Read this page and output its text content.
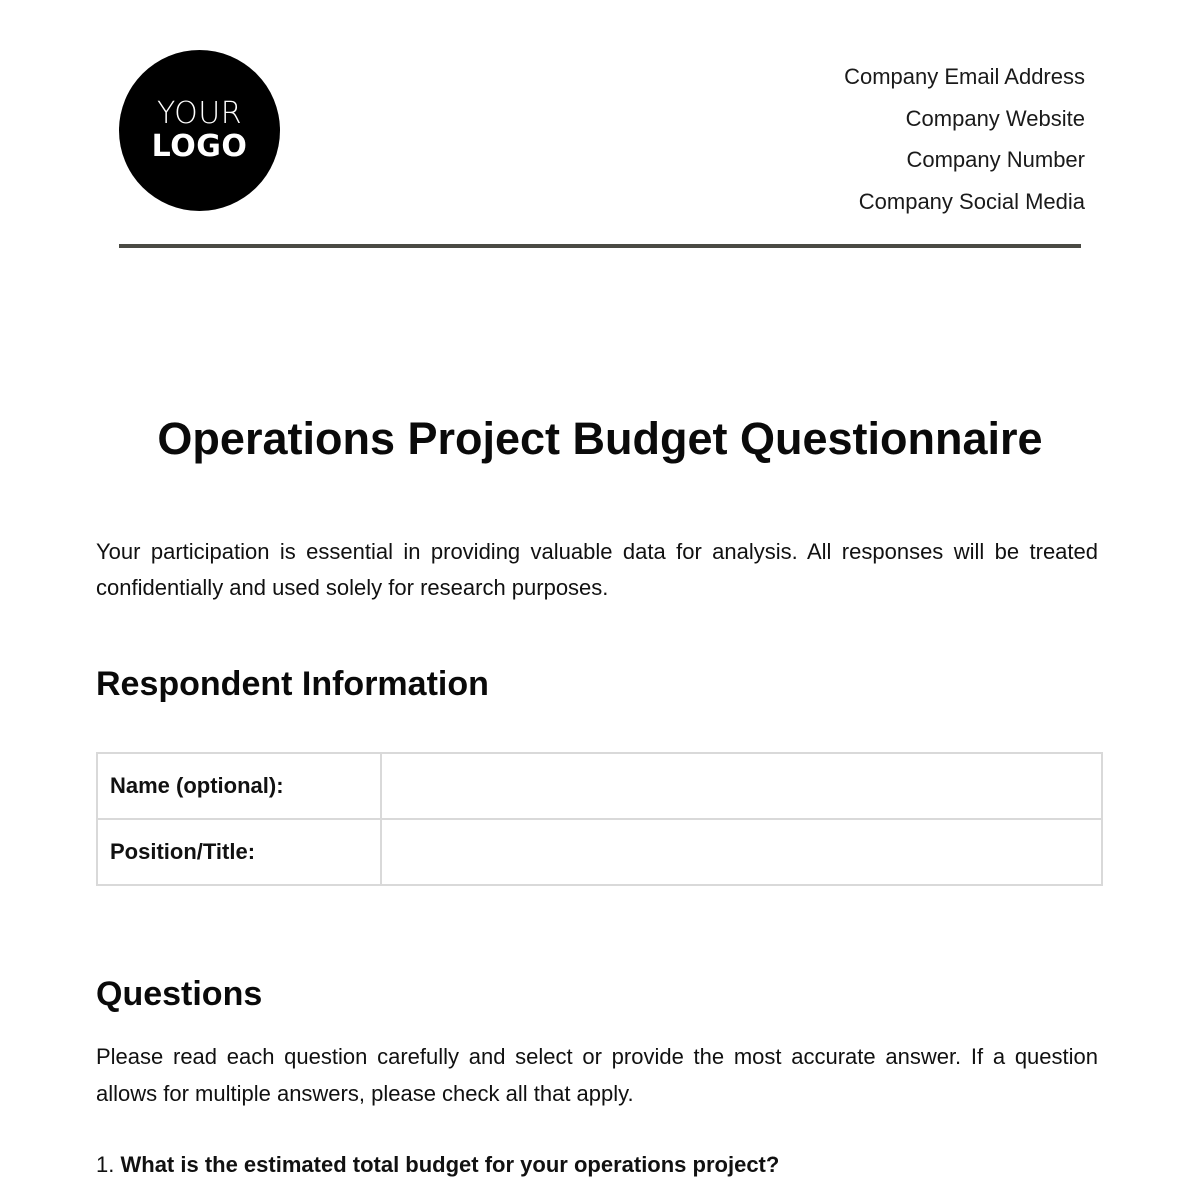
YOUR
LOGO
Company Email Address
Company Website
Company Number
Company Social Media
Operations Project Budget Questionnaire

Your participation is essential in providing valuable data for analysis. All responses will be treated confidentially and used solely for research purposes.

Respondent Information
Name (optional):	
Position/Title:	
Questions

Please read each question carefully and select or provide the most accurate answer. If a question allows for multiple answers, please check all that apply.

1. What is the estimated total budget for your operations project?
